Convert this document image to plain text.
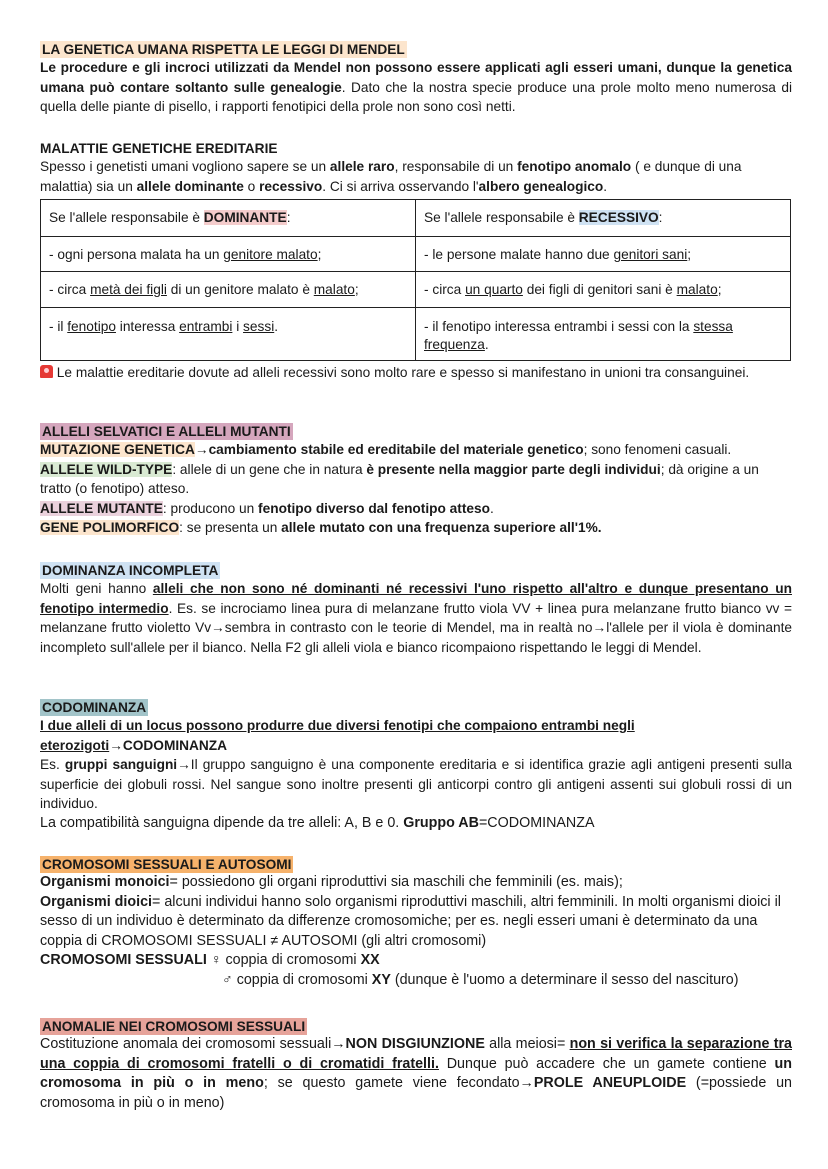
LA GENETICA UMANA RISPETTA LE LEGGI DI MENDEL

Le procedure e gli incroci utilizzati da Mendel non possono essere applicati agli esseri umani, dunque la genetica umana può contare soltanto sulle genealogie. Dato che la nostra specie produce una prole molto meno numerosa di quella delle piante di pisello, i rapporti fenotipici della prole non sono così netti.

MALATTIE GENETICHE EREDITARIE

Spesso i genetisti umani vogliono sapere se un allele raro, responsabile di un fenotipo anomalo ( e dunque di una malattia) sia un allele dominante o recessivo. Ci si arriva osservando l'albero genealogico.

Se l'allele responsabile è DOMINANTE:	Se l'allele responsabile è RECESSIVO:
- ogni persona malata ha un genitore malato;	- le persone malate hanno due genitori sani;
- circa metà dei figli di un genitore malato è malato;	- circa un quarto dei figli di genitori sani è malato;
- il fenotipo interessa entrambi i sessi.	- il fenotipo interessa entrambi i sessi con la stessa frequenza.

Le malattie ereditarie dovute ad alleli recessivi sono molto rare e spesso si manifestano in unioni tra consanguinei.

ALLELI SELVATICI E ALLELI MUTANTI

MUTAZIONE GENETICA→cambiamento stabile ed ereditabile del materiale genetico; sono fenomeni casuali.

ALLELE WILD-TYPE: allele di un gene che in natura è presente nella maggior parte degli individui; dà origine a un tratto (o fenotipo) atteso.

ALLELE MUTANTE: producono un fenotipo diverso dal fenotipo atteso.

GENE POLIMORFICO: se presenta un allele mutato con una frequenza superiore all'1%.

DOMINANZA INCOMPLETA

Molti geni hanno alleli che non sono né dominanti né recessivi l'uno rispetto all'altro e dunque presentano un fenotipo intermedio. Es. se incrociamo linea pura di melanzane frutto viola VV + linea pura melanzane frutto bianco vv = melanzane frutto violetto Vv→sembra in contrasto con le teorie di Mendel, ma in realtà no→l'allele per il viola è dominante incompleto sull'allele per il bianco. Nella F2 gli alleli viola e bianco ricompaiono rispettando le leggi di Mendel.

CODOMINANZA

I due alleli di un locus possono produrre due diversi fenotipi che compaiono entrambi negli eterozigoti→CODOMINANZA

Es. gruppi sanguigni→Il gruppo sanguigno è una componente ereditaria e si identifica grazie agli antigeni presenti sulla superficie dei globuli rossi. Nel sangue sono inoltre presenti gli anticorpi contro gli antigeni assenti sui globuli rossi di un individuo.

La compatibilità sanguigna dipende da tre alleli: A, B e 0. Gruppo AB=CODOMINANZA

CROMOSOMI SESSUALI E AUTOSOMI

Organismi monoici= possiedono gli organi riproduttivi sia maschili che femminili (es. mais);

Organismi dioici= alcuni individui hanno solo organismi riproduttivi maschili, altri femminili. In molti organismi dioici il sesso di un individuo è determinato da differenze cromosomiche; per es. negli esseri umani è determinato da una coppia di CROMOSOMI SESSUALI ≠ AUTOSOMI (gli altri cromosomi)

CROMOSOMI SESSUALI ♀ coppia di cromosomi XX

♂ coppia di cromosomi XY (dunque è l'uomo a determinare il sesso del nascituro)

ANOMALIE NEI CROMOSOMI SESSUALI

Costituzione anomala dei cromosomi sessuali→NON DISGIUNZIONE alla meiosi= non si verifica la separazione tra una coppia di cromosomi fratelli o di cromatidi fratelli. Dunque può accadere che un gamete contiene un cromosoma in più o in meno; se questo gamete viene fecondato→PROLE ANEUPLOIDE (=possiede un cromosoma in più o in meno)
